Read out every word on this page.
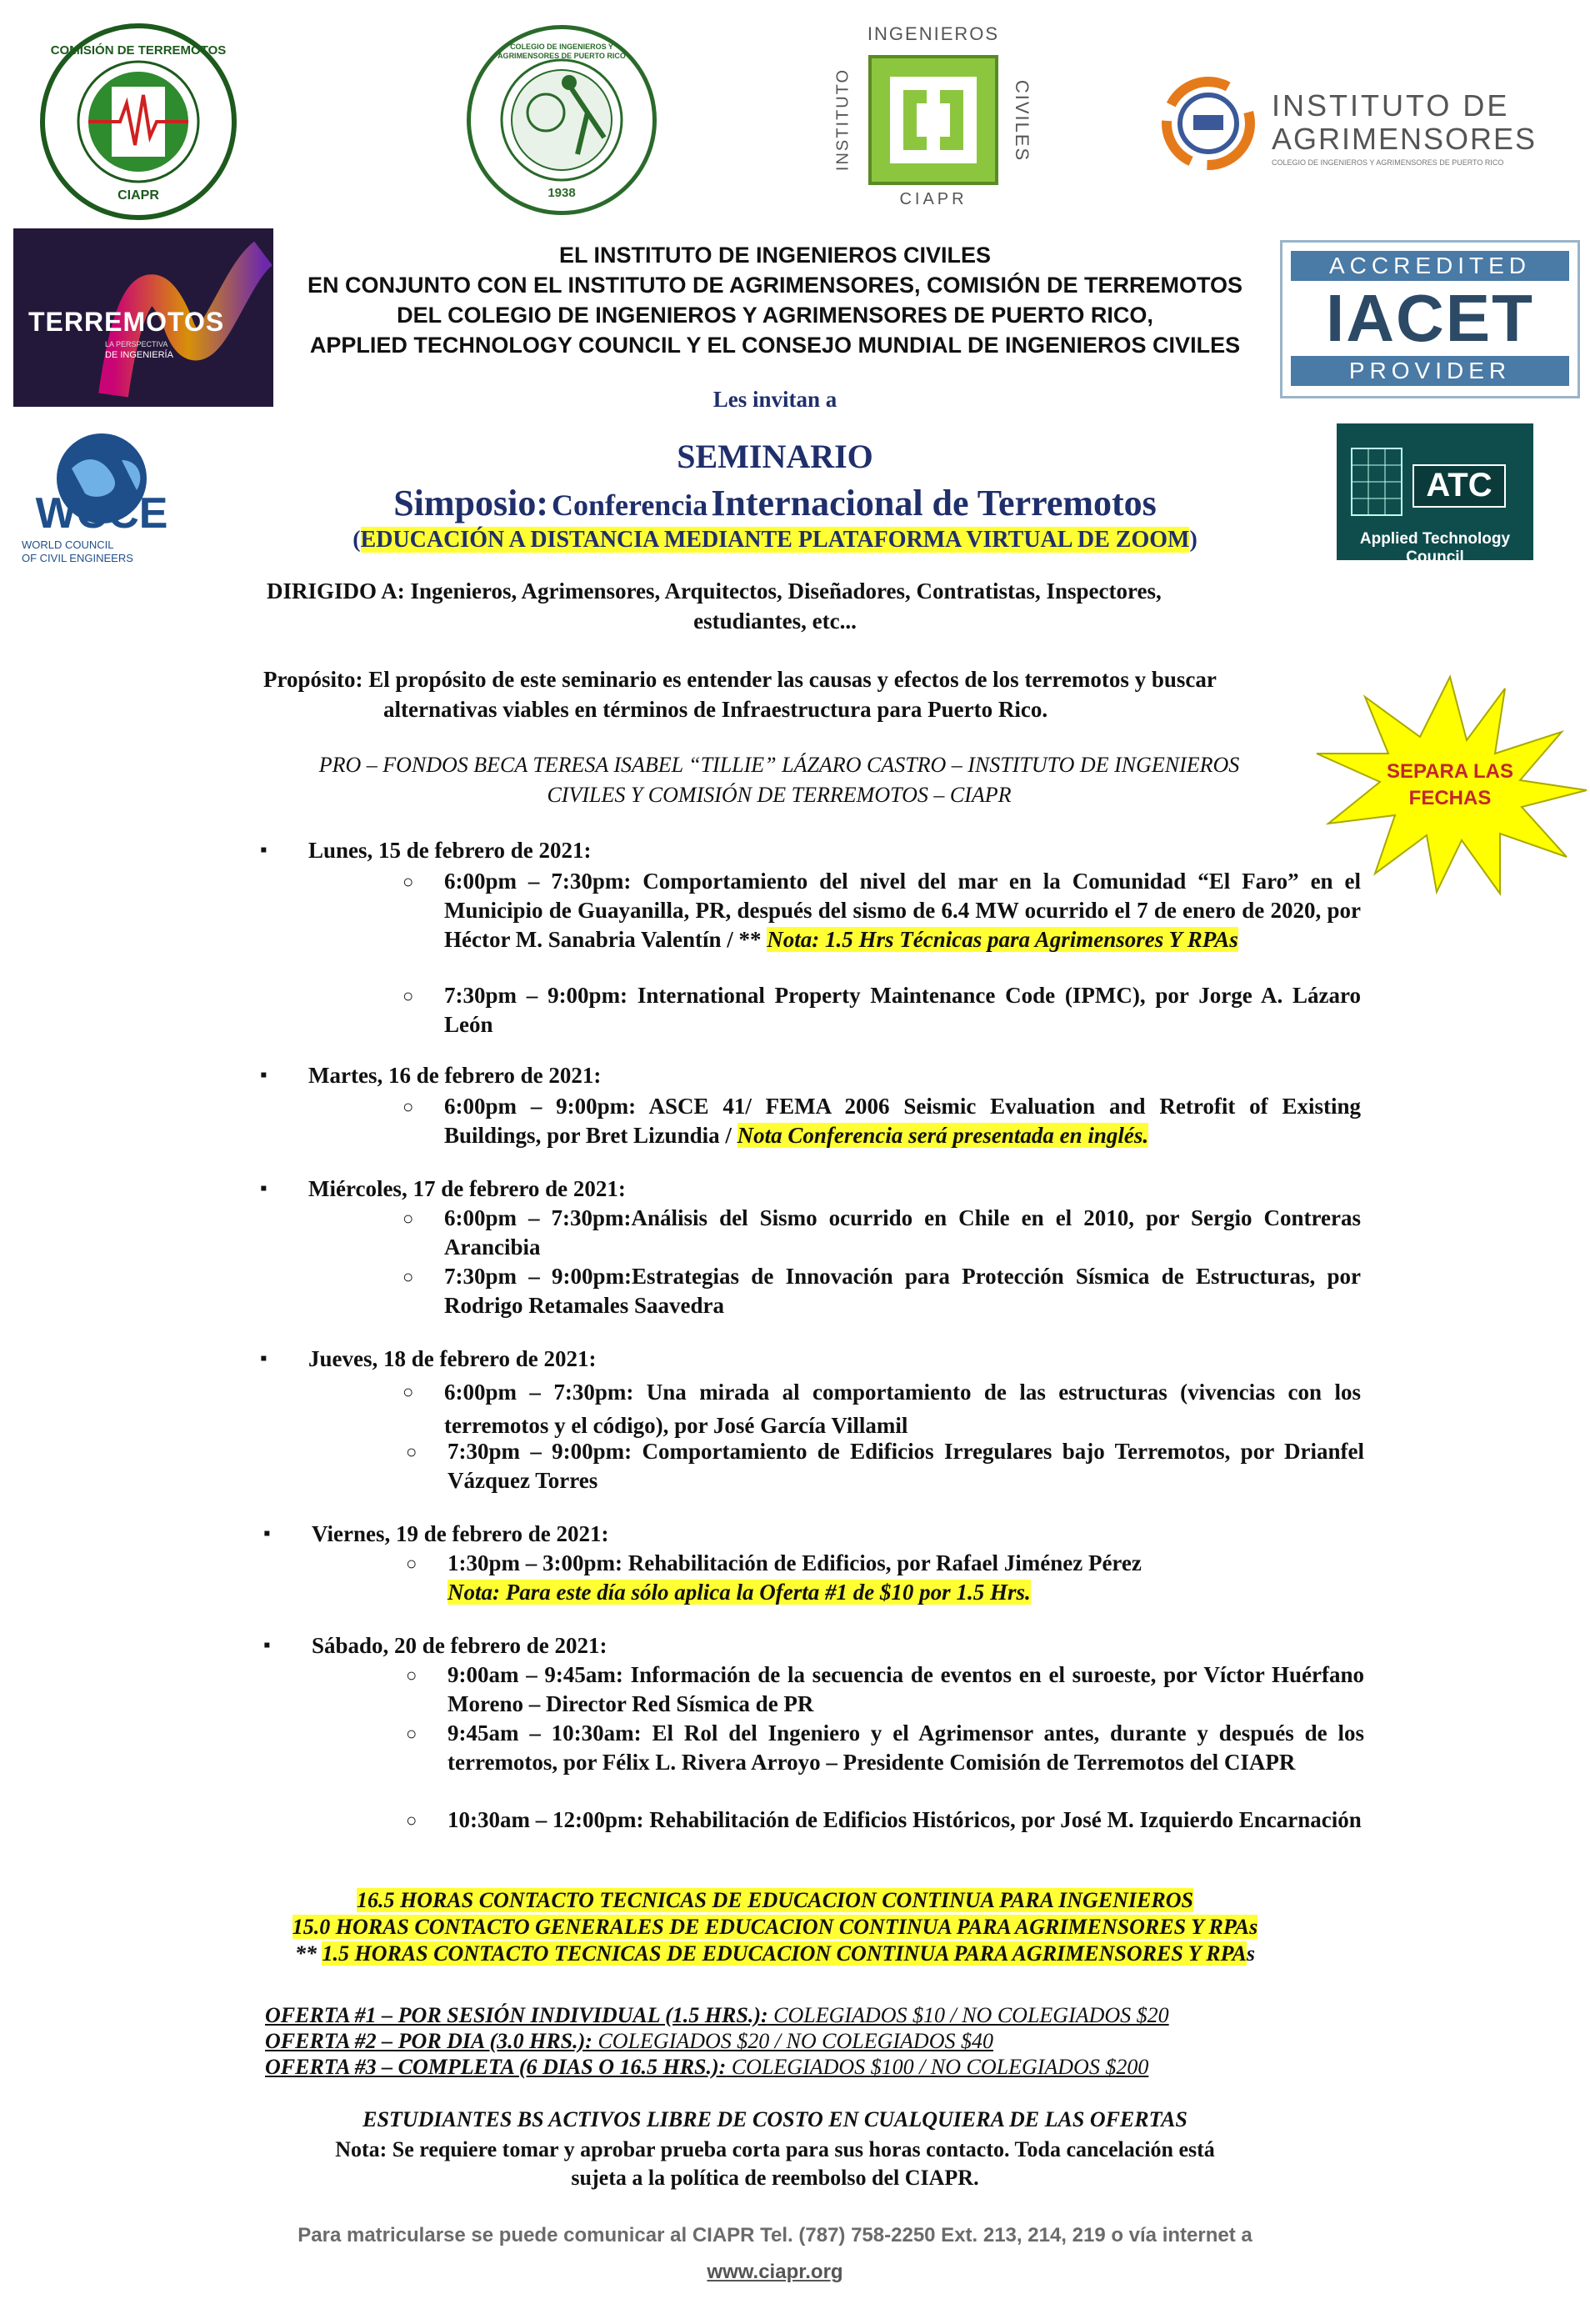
COMISIÓN DE TERREMOTOS
CIAPR
COLEGIO DE INGENIEROS Y AGRIMENSORES DE PUERTO RICO
1938
INGENIEROS
INSTITUTO	CIVILES
CIAPR
INSTITUTO DE
AGRIMENSORES
COLEGIO DE INGENIEROS Y AGRIMENSORES DE PUERTO RICO
TERREMOTOS
LA PERSPECTIVA
DE INGENIERÍA
ACCREDITED
IACET
PROVIDER
WCCE
WORLD COUNCIL
OF CIVIL ENGINEERS
ATC
Applied Technology Council
EL INSTITUTO DE INGENIEROS CIVILES
EN CONJUNTO CON EL INSTITUTO DE AGRIMENSORES, COMISIÓN DE TERREMOTOS
DEL COLEGIO DE INGENIEROS Y AGRIMENSORES DE PUERTO RICO,
APPLIED TECHNOLOGY COUNCIL Y EL CONSEJO MUNDIAL DE INGENIEROS CIVILES
Les invitan a
SEMINARIO
Simposio: Conferencia Internacional de Terremotos
(EDUCACIÓN A DISTANCIA MEDIANTE PLATAFORMA VIRTUAL DE ZOOM)
DIRIGIDO A: Ingenieros, Agrimensores, Arquitectos, Diseñadores, Contratistas, Inspectores,
estudiantes, etc...
Propósito: El propósito de este seminario es entender las causas y efectos de los terremotos y buscar
alternativas viables en términos de Infraestructura para Puerto Rico.
PRO – FONDOS BECA TERESA ISABEL “TILLIE” LÁZARO CASTRO – INSTITUTO DE INGENIEROS
CIVILES Y COMISIÓN DE TERREMOTOS – CIAPR
SEPARA LAS
FECHAS
▪ Lunes, 15 de febrero de 2021:
○ 6:00pm – 7:30pm: Comportamiento del nivel del mar en la Comunidad “El Faro” en el Municipio de Guayanilla, PR, después del sismo de 6.4 MW ocurrido el 7 de enero de 2020, por Héctor M. Sanabria Valentín / ** Nota: 1.5 Hrs Técnicas para Agrimensores Y RPAs
○ 7:30pm – 9:00pm: International Property Maintenance Code (IPMC), por Jorge A. Lázaro León
▪ Martes, 16 de febrero de 2021:
○ 6:00pm – 9:00pm: ASCE 41/ FEMA 2006 Seismic Evaluation and Retrofit of Existing Buildings, por Bret Lizundia / Nota Conferencia será presentada en inglés.
▪ Miércoles, 17 de febrero de 2021:
○ 6:00pm – 7:30pm:Análisis del Sismo ocurrido en Chile en el 2010, por Sergio Contreras Arancibia
○ 7:30pm – 9:00pm:Estrategias de Innovación para Protección Sísmica de Estructuras, por Rodrigo Retamales Saavedra
▪ Jueves, 18 de febrero de 2021:
○ 6:00pm – 7:30pm: Una mirada al comportamiento de las estructuras (vivencias con los terremotos y el código), por José García Villamil
○ 7:30pm – 9:00pm: Comportamiento de Edificios Irregulares bajo Terremotos, por Drianfel Vázquez Torres
▪ Viernes, 19 de febrero de 2021:
○ 1:30pm – 3:00pm: Rehabilitación de Edificios, por Rafael Jiménez Pérez
Nota: Para este día sólo aplica la Oferta #1 de $10 por 1.5 Hrs.
▪ Sábado, 20 de febrero de 2021:
○ 9:00am – 9:45am: Información de la secuencia de eventos en el suroeste, por Víctor Huérfano Moreno – Director Red Sísmica de PR
○ 9:45am – 10:30am: El Rol del Ingeniero y el Agrimensor antes, durante y después de los terremotos, por Félix L. Rivera Arroyo – Presidente Comisión de Terremotos del CIAPR
○ 10:30am – 12:00pm: Rehabilitación de Edificios Históricos, por José M. Izquierdo Encarnación
16.5 HORAS CONTACTO TECNICAS DE EDUCACION CONTINUA PARA INGENIEROS
15.0 HORAS CONTACTO GENERALES DE EDUCACION CONTINUA PARA AGRIMENSORES Y RPAs
** 1.5 HORAS CONTACTO TECNICAS DE EDUCACION CONTINUA PARA AGRIMENSORES Y RPAs
OFERTA #1 – POR SESIÓN INDIVIDUAL (1.5 HRS.): COLEGIADOS $10 / NO COLEGIADOS $20
OFERTA #2 – POR DIA (3.0 HRS.): COLEGIADOS $20 / NO COLEGIADOS $40
OFERTA #3 – COMPLETA (6 DIAS O 16.5 HRS.): COLEGIADOS $100 / NO COLEGIADOS $200
ESTUDIANTES BS ACTIVOS LIBRE DE COSTO EN CUALQUIERA DE LAS OFERTAS
Nota: Se requiere tomar y aprobar prueba corta para sus horas contacto. Toda cancelación está
sujeta a la política de reembolso del CIAPR.
Para matricularse se puede comunicar al CIAPR Tel. (787) 758-2250 Ext. 213, 214, 219 o vía internet a
www.ciapr.org
